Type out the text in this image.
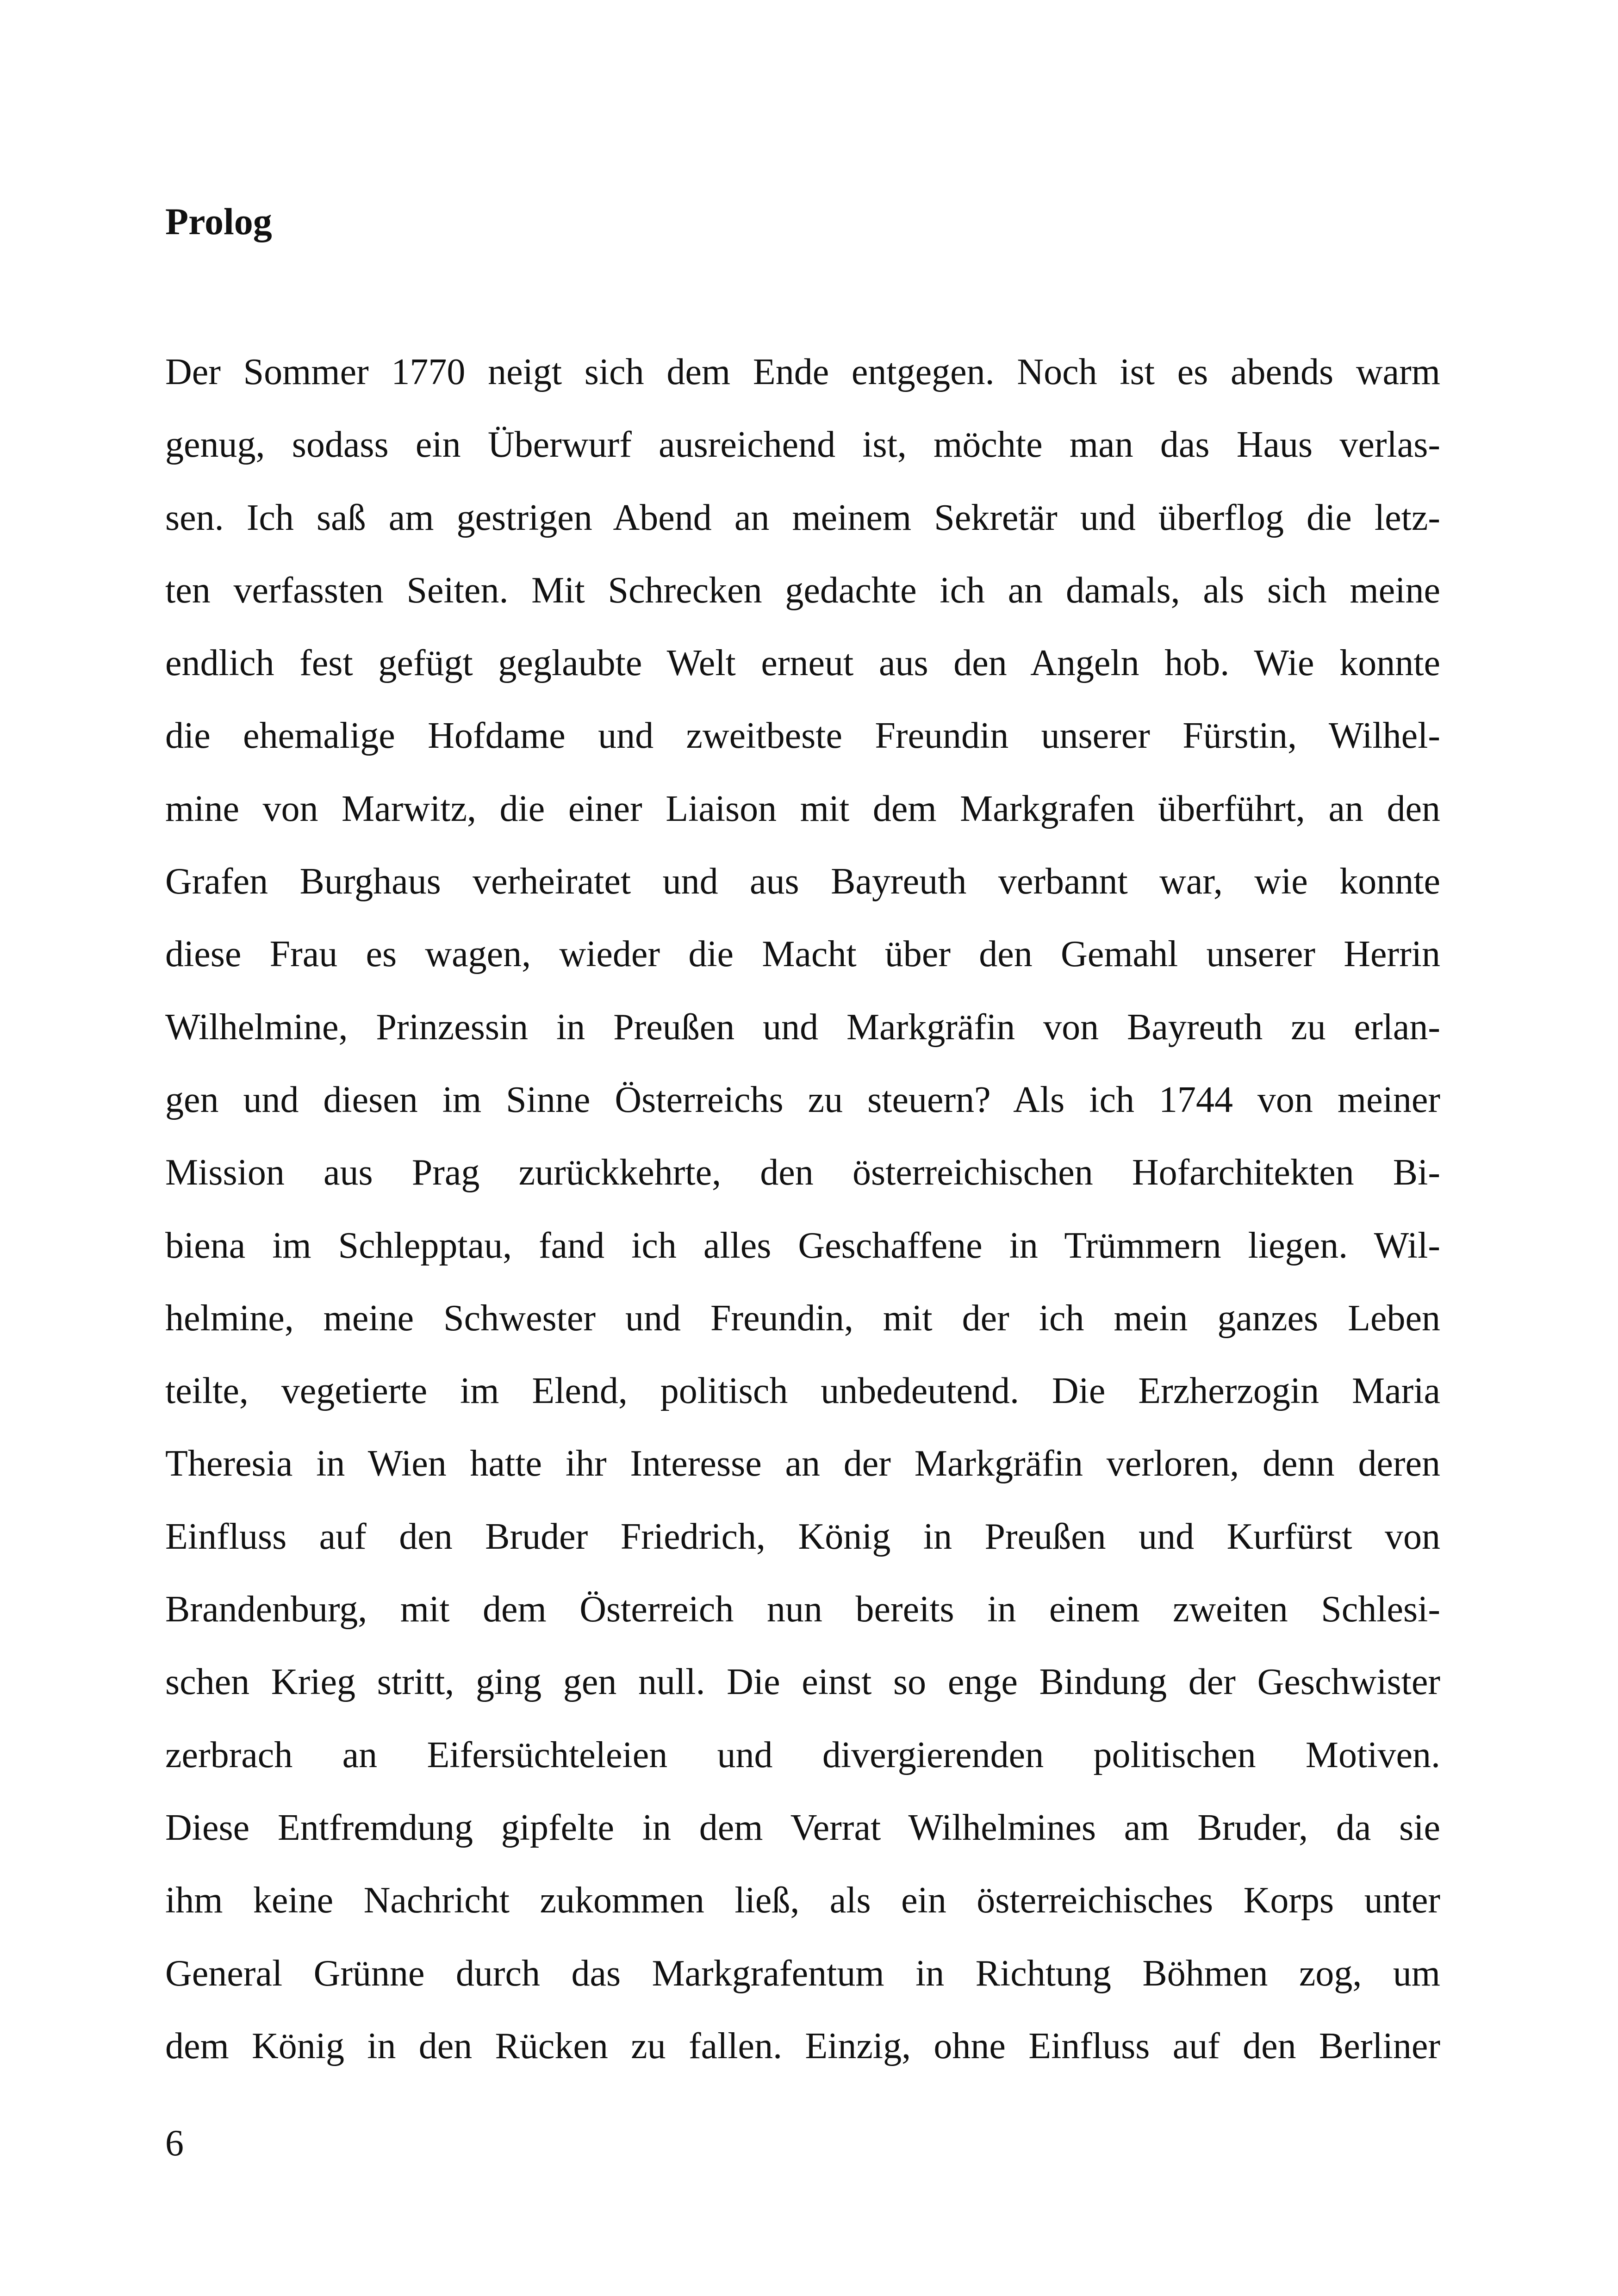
Prolog
Der Sommer 1770 neigt sich dem Ende entgegen. Noch ist es abends warm
genug, sodass ein Überwurf ausreichend ist, möchte man das Haus verlas-
sen. Ich saß am gestrigen Abend an meinem Sekretär und überflog die letz-
ten verfassten Seiten. Mit Schrecken gedachte ich an damals, als sich meine
endlich fest gefügt geglaubte Welt erneut aus den Angeln hob. Wie konnte
die ehemalige Hofdame und zweitbeste Freundin unserer Fürstin, Wilhel-
mine von Marwitz, die einer Liaison mit dem Markgrafen überführt, an den
Grafen Burghaus verheiratet und aus Bayreuth verbannt war, wie konnte
diese Frau es wagen, wieder die Macht über den Gemahl unserer Herrin
Wilhelmine, Prinzessin in Preußen und Markgräfin von Bayreuth zu erlan-
gen und diesen im Sinne Österreichs zu steuern? Als ich 1744 von meiner
Mission aus Prag zurückkehrte, den österreichischen Hofarchitekten Bi-
biena im Schlepptau, fand ich alles Geschaffene in Trümmern liegen. Wil-
helmine, meine Schwester und Freundin, mit der ich mein ganzes Leben
teilte, vegetierte im Elend, politisch unbedeutend. Die Erzherzogin Maria
Theresia in Wien hatte ihr Interesse an der Markgräfin verloren, denn deren
Einfluss auf den Bruder Friedrich, König in Preußen und Kurfürst von
Brandenburg, mit dem Österreich nun bereits in einem zweiten Schlesi-
schen Krieg stritt, ging gen null. Die einst so enge Bindung der Geschwister
zerbrach an Eifersüchteleien und divergierenden politischen Motiven.
Diese Entfremdung gipfelte in dem Verrat Wilhelmines am Bruder, da sie
ihm keine Nachricht zukommen ließ, als ein österreichisches Korps unter
General Grünne durch das Markgrafentum in Richtung Böhmen zog, um
dem König in den Rücken zu fallen. Einzig, ohne Einfluss auf den Berliner

6
